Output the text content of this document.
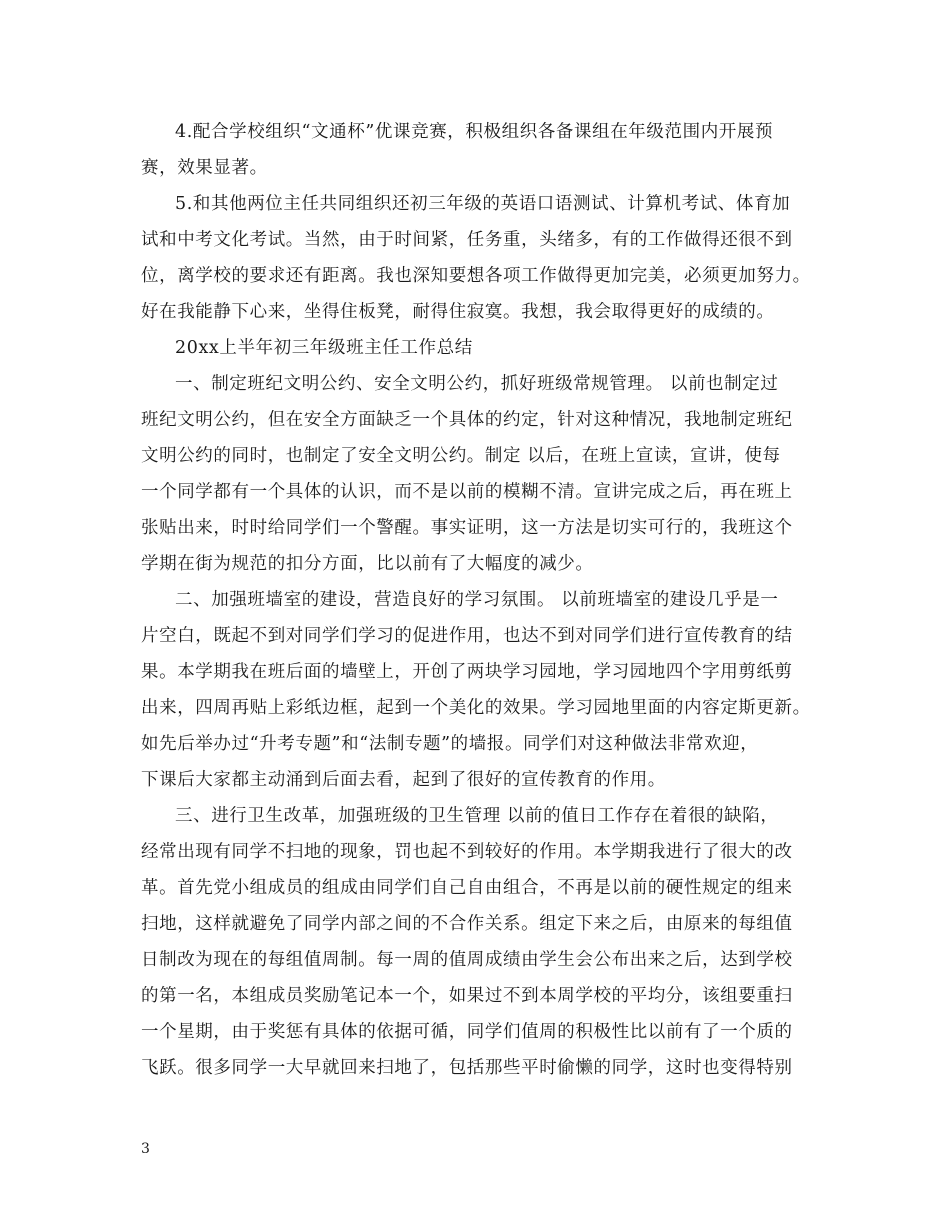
4.配合学校组织“文通杯”优课竞赛，积极组织各备课组在年级范围内开展预
赛，效果显著。
5.和其他两位主任共同组织还初三年级的英语口语测试、计算机考试、体育加
试和中考文化考试。当然，由于时间紧，任务重，头绪多，有的工作做得还很不到
位，离学校的要求还有距离。我也深知要想各项工作做得更加完美，必须更加努力。
好在我能静下心来，坐得住板凳，耐得住寂寞。我想，我会取得更好的成绩的。
20xx上半年初三年级班主任工作总结
一、制定班纪文明公约、安全文明公约，抓好班级常规管理。 以前也制定过
班纪文明公约，但在安全方面缺乏一个具体的约定，针对这种情况，我地制定班纪
文明公约的同时，也制定了安全文明公约。制定 以后，在班上宣读，宣讲，使每
一个同学都有一个具体的认识，而不是以前的模糊不清。宣讲完成之后，再在班上
张贴出来，时时给同学们一个警醒。事实证明，这一方法是切实可行的，我班这个
学期在街为规范的扣分方面，比以前有了大幅度的减少。
二、加强班墙室的建设，营造良好的学习氛围。 以前班墙室的建设几乎是一
片空白，既起不到对同学们学习的促进作用，也达不到对同学们进行宣传教育的结
果。本学期我在班后面的墙壁上，开创了两块学习园地，学习园地四个字用剪纸剪
出来，四周再贴上彩纸边框，起到一个美化的效果。学习园地里面的内容定斯更新。
如先后举办过“升考专题”和“法制专题”的墙报。同学们对这种做法非常欢迎，
下课后大家都主动涌到后面去看，起到了很好的宣传教育的作用。
三、进行卫生改革，加强班级的卫生管理 以前的值日工作存在着很的缺陷，
经常出现有同学不扫地的现象，罚也起不到较好的作用。本学期我进行了很大的改
革。首先党小组成员的组成由同学们自己自由组合，不再是以前的硬性规定的组来
扫地，这样就避免了同学内部之间的不合作关系。组定下来之后，由原来的每组值
日制改为现在的每组值周制。每一周的值周成绩由学生会公布出来之后，达到学校
的第一名，本组成员奖励笔记本一个，如果过不到本周学校的平均分，该组要重扫
一个星期，由于奖惩有具体的依据可循，同学们值周的积极性比以前有了一个质的
飞跃。很多同学一大早就回来扫地了，包括那些平时偷懒的同学，这时也变得特别
3
